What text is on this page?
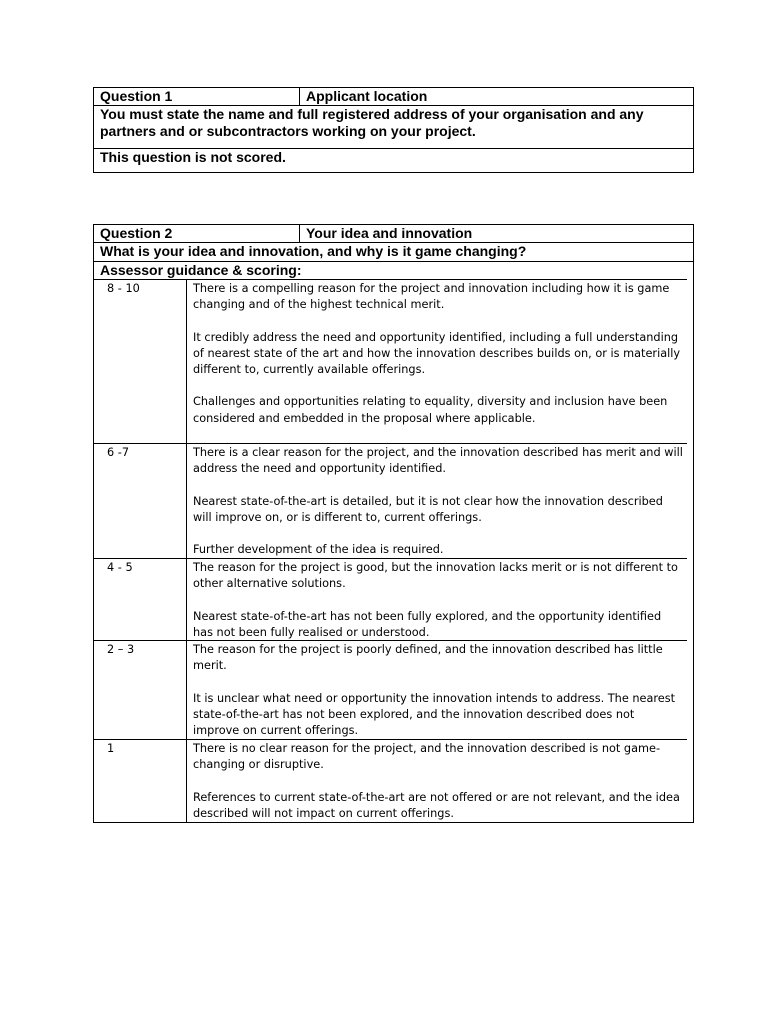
Question 1	Applicant location
You must state the name and full registered address of your organisation and any partners and or subcontractors working on your project.
This question is not scored.
Question 2	Your idea and innovation
What is your idea and innovation, and why is it game changing?
Assessor guidance & scoring:
8 - 10	There is a compelling reason for the project and innovation including how it is game changing and of the highest technical merit.

It credibly address the need and opportunity identified, including a full understanding of nearest state of the art and how the innovation describes builds on, or is materially different to, currently available offerings.

Challenges and opportunities relating to equality, diversity and inclusion have been considered and embedded in the proposal where applicable.

6 -7	There is a clear reason for the project, and the innovation described has merit and will address the need and opportunity identified.

Nearest state-of-the-art is detailed, but it is not clear how the innovation described will improve on, or is different to, current offerings.

Further development of the idea is required.

4 - 5	The reason for the project is good, but the innovation lacks merit or is not different to other alternative solutions.

Nearest state-of-the-art has not been fully explored, and the opportunity identified has not been fully realised or understood.

2 – 3	The reason for the project is poorly defined, and the innovation described has little merit.

It is unclear what need or opportunity the innovation intends to address. The nearest state-of-the-art has not been explored, and the innovation described does not improve on current offerings.

1	There is no clear reason for the project, and the innovation described is not game-changing or disruptive.

References to current state-of-the-art are not offered or are not relevant, and the idea described will not impact on current offerings.
